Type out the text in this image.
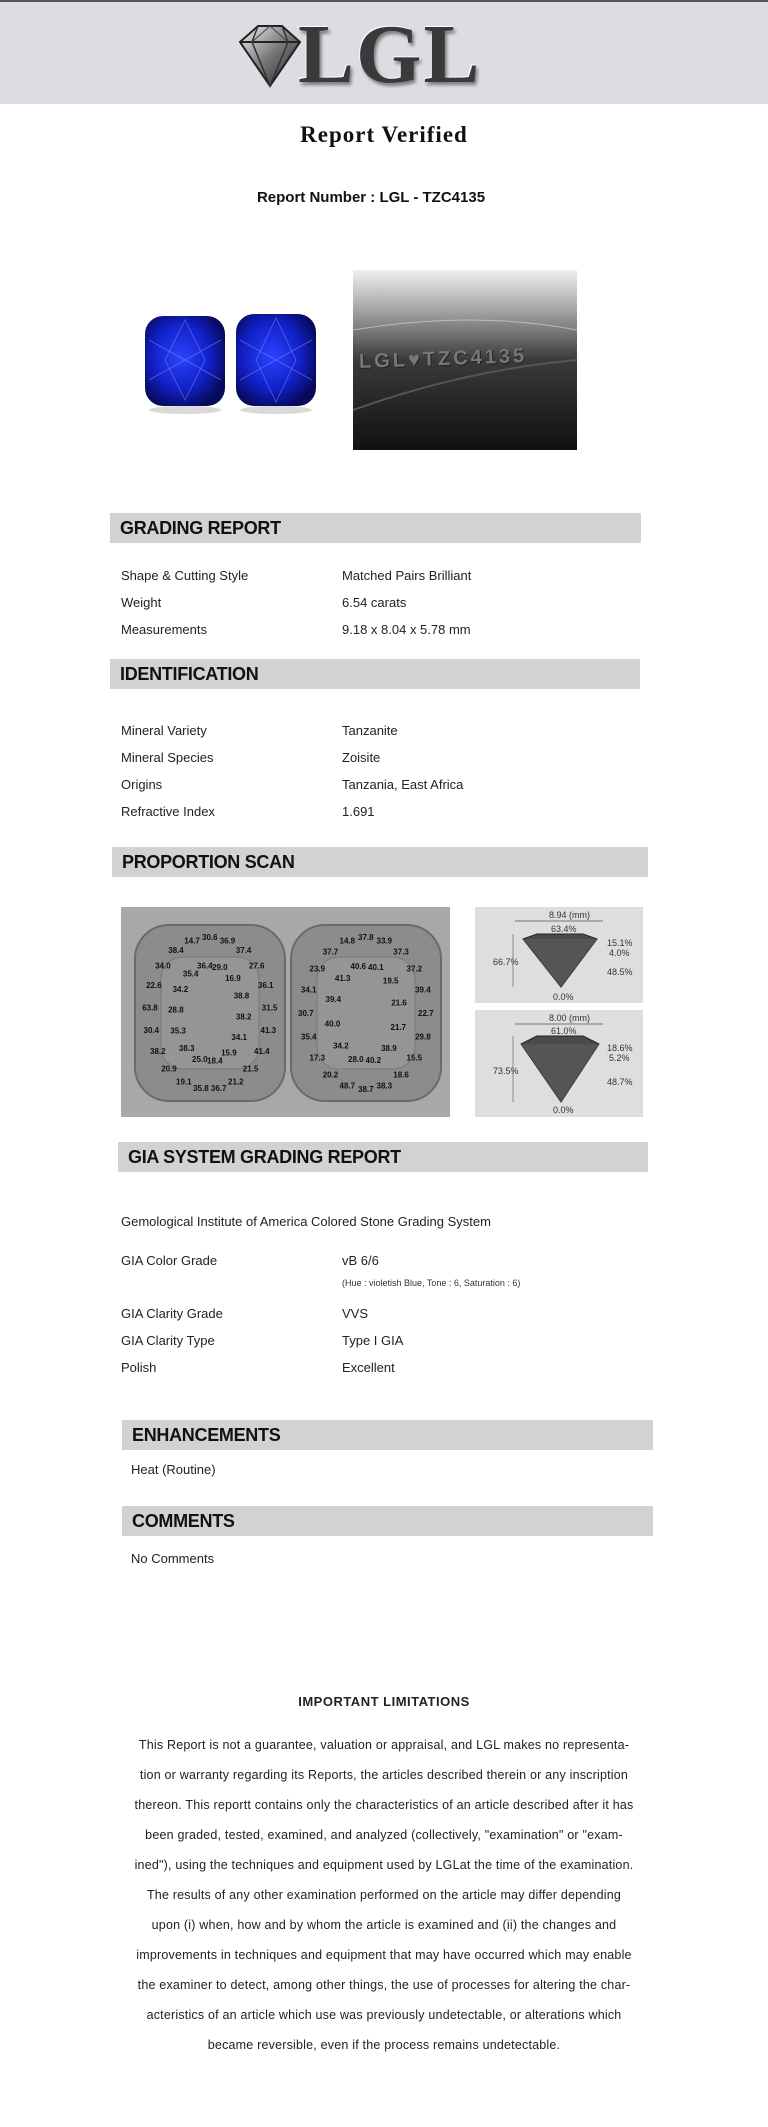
LGL
Report Verified
Report Number : LGL - TZC4135
LGL♥TZC4135
GRADING REPORT
Shape & Cutting Style	Matched Pairs Brilliant
Weight	6.54 carats
Measurements	9.18 x 8.04 x 5.78 mm
IDENTIFICATION
Mineral Variety	Tanzanite
Mineral Species	Zoisite
Origins	Tanzania, East Africa
Refractive Index	1.691
PROPORTION SCAN
30.6 36.9
37.4
27.6
36.1
31.5
41.3
41.4
21.5
21.2
36.7
35.8
19.1
20.9
38.2
30.4
63.8
22.6
34.0
38.4
14.7
29.0
16.9
38.8
38.2
34.1
15.9
18.4
25.0
38.3
35.3
28.8
34.2
35.4
36.4
37.8 33.9
37.3
37.2
39.4
22.7
29.8
15.5
18.6
38.3
38.7
48.7
20.2
17.3
35.4
30.7
34.1
23.9
37.7
14.8
40.1
19.5
21.6
21.7
38.9
40.2
28.0
34.2
40.0
39.4
41.3
40.6
8.94 (mm)
63.4%
66.7%
15.1%
4.0%
48.5%
0.0%
8.00 (mm)
61.0%
73.5%
18.6%
5.2%
48.7%
0.0%
GIA SYSTEM GRADING REPORT
Gemological Institute of America Colored Stone Grading System
GIA Color Grade	vB 6/6
(Hue : violetish Blue, Tone : 6, Saturation : 6)
GIA Clarity Grade	VVS
GIA Clarity Type	Type I GIA
Polish	Excellent
ENHANCEMENTS
Heat (Routine)
COMMENTS
No Comments
IMPORTANT LIMITATIONS
This Report is not a guarantee, valuation or appraisal, and LGL makes no representa-
tion or warranty regarding its Reports, the articles described therein or any inscription
thereon. This reportt contains only the characteristics of an article described after it has
been graded, tested, examined, and analyzed (collectively, "examination" or "exam-
ined"), using the techniques and equipment used by LGLat the time of the examination.
The results of any other examination performed on the article may differ depending
upon (i) when, how and by whom the article is examined and (ii) the changes and
improvements in techniques and equipment that may have occurred which may enable
the examiner to detect, among other things, the use of processes for altering the char-
acteristics of an article which use was previously undetectable, or alterations which
became reversible, even if the process remains undetectable.
